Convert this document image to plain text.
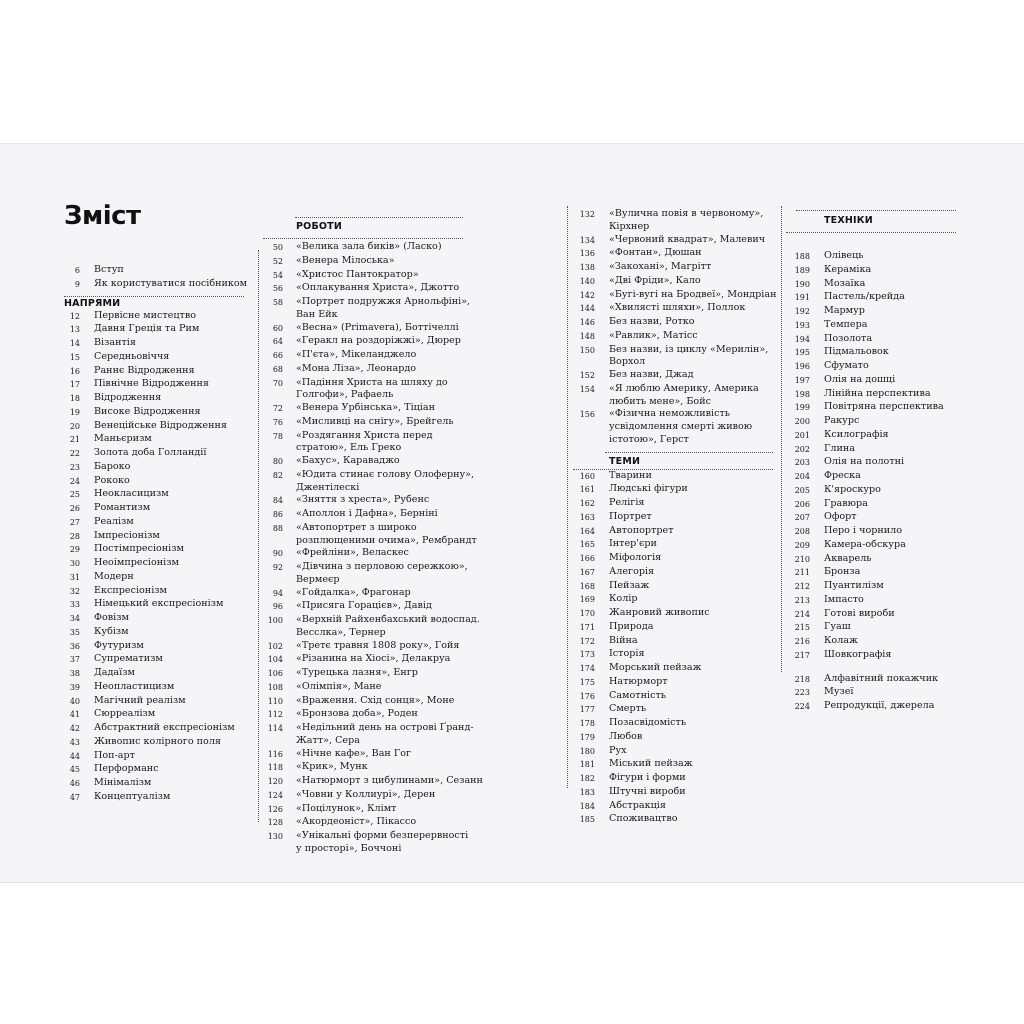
Зміст
6 Вступ
9 Як користуватися посібником
НАПРЯМИ
12 Первісне мистецтво
13 Давня Греція та Рим
14 Візантія
15 Середньовіччя
16 Раннє Відродження
17 Північне Відродження
18 Відродження
19 Високе Відродження
20 Венеційське Відродження
21 Маньєризм
22 Золота доба Голландії
23 Бароко
24 Рококо
25 Неокласицизм
26 Романтизм
27 Реалізм
28 Імпресіонізм
29 Постімпресіонізм
30 Неоімпресіонізм
31 Модерн
32 Експресіонізм
33 Німецький експресіонізм
34 Фовізм
35 Кубізм
36 Футуризм
37 Супрематизм
38 Дадаїзм
39 Неопластицизм
40 Магічний реалізм
41 Сюрреалізм
42 Абстрактний експресіонізм
43 Живопис колірного поля
44 Поп-арт
45 Перформанс
46 Мінімалізм
47 Концептуалізм
РОБОТИ
50 «Велика зала биків» (Ласко)
52 «Венера Мілоська»
54 «Христос Пантократор»
56 «Оплакування Христа», Джотто
58 «Портрет подружжя Арнольфіні»,
Ван Ейк
60 «Весна» (Primavera), Боттічеллі
64 «Геракл на роздоріжжі», Дюрер
66 «П'єта», Мікеланджело
68 «Мона Ліза», Леонардо
70 «Падіння Христа на шляху до
Голгофи», Рафаель
72 «Венера Урбінська», Тіціан
76 «Мисливці на снігу», Брейгель
78 «Роздягання Христа перед
стратою», Ель Греко
80 «Бахус», Караваджо
82 «Юдита стинає голову Олоферну»,
Джентілескі
84 «Зняття з хреста», Рубенс
86 «Аполлон і Дафна», Берніні
88 «Автопортрет з широко
розплющеними очима», Рембрандт
90 «Фрейліни», Веласкес
92 «Дівчина з перловою сережкою»,
Вермеєр
94 «Гойдалка», Фрагонар
96 «Присяга Горацієв», Давід
100 «Верхній Райхенбахський водоспад.
Весслка», Тернер
102 «Третє травня 1808 року», Гойя
104 «Різанина на Хіосі», Делакруа
106 «Турецька лазня», Енгр
108 «Олімпія», Мане
110 «Враження. Схід сонця», Моне
112 «Бронзова доба», Роден
114 «Недільний день на острові Ґранд-
Жатт», Сера
116 «Нічне кафе», Ван Гог
118 «Крик», Мунк
120 «Натюрморт з цибулинами», Сезанн
124 «Човни у Коллиурі», Дерен
126 «Поцілунок», Клімт
128 «Акордеоніст», Пікассо
130 «Унікальні форми безперервності
у просторі», Боччоні
132 «Вулична повія в червоному»,
Кірхнер
134 «Червоний квадрат», Малевич
136 «Фонтан», Дюшан
138 «Закохані», Магрітт
140 «Дві Фріди», Кало
142 «Бугі-вугі на Бродвеї», Мондріан
144 «Хвилясті шляхи», Поллок
146 Без назви, Ротко
148 «Равлик», Матісс
150 Без назви, із циклу «Мерилін»,
Ворхол
152 Без назви, Джад
154 «Я люблю Америку, Америка
любить мене», Бойс
156 «Фізична неможливість
усвідомлення смерті живою
істотою», Герст
ТЕМИ
160 Тварини
161 Людські фігури
162 Релігія
163 Портрет
164 Автопортрет
165 Інтер'єри
166 Міфологія
167 Алегорія
168 Пейзаж
169 Колір
170 Жанровий живопис
171 Природа
172 Війна
173 Історія
174 Морський пейзаж
175 Натюрморт
176 Самотність
177 Смерть
178 Позасвідомість
179 Любов
180 Рух
181 Міський пейзаж
182 Фігури і форми
183 Штучні вироби
184 Абстракція
185 Споживацтво
ТЕХНІКИ
188 Олівець
189 Кераміка
190 Мозаїка
191 Пастель/крейда
192 Мармур
193 Темпера
194 Позолота
195 Підмальовок
196 Сфумато
197 Олія на дошці
198 Лінійна перспектива
199 Повітряна перспектива
200 Ракурс
201 Ксилографія
202 Глина
203 Олія на полотні
204 Фреска
205 К'яроскуро
206 Гравюра
207 Офорт
208 Перо і чорнило
209 Камера-обскура
210 Акварель
211 Бронза
212 Пуантилізм
213 Імпасто
214 Готові вироби
215 Гуаш
216 Колаж
217 Шовкографія
218 Алфавітний покажчик
223 Музеї
224 Репродукції, джерела
